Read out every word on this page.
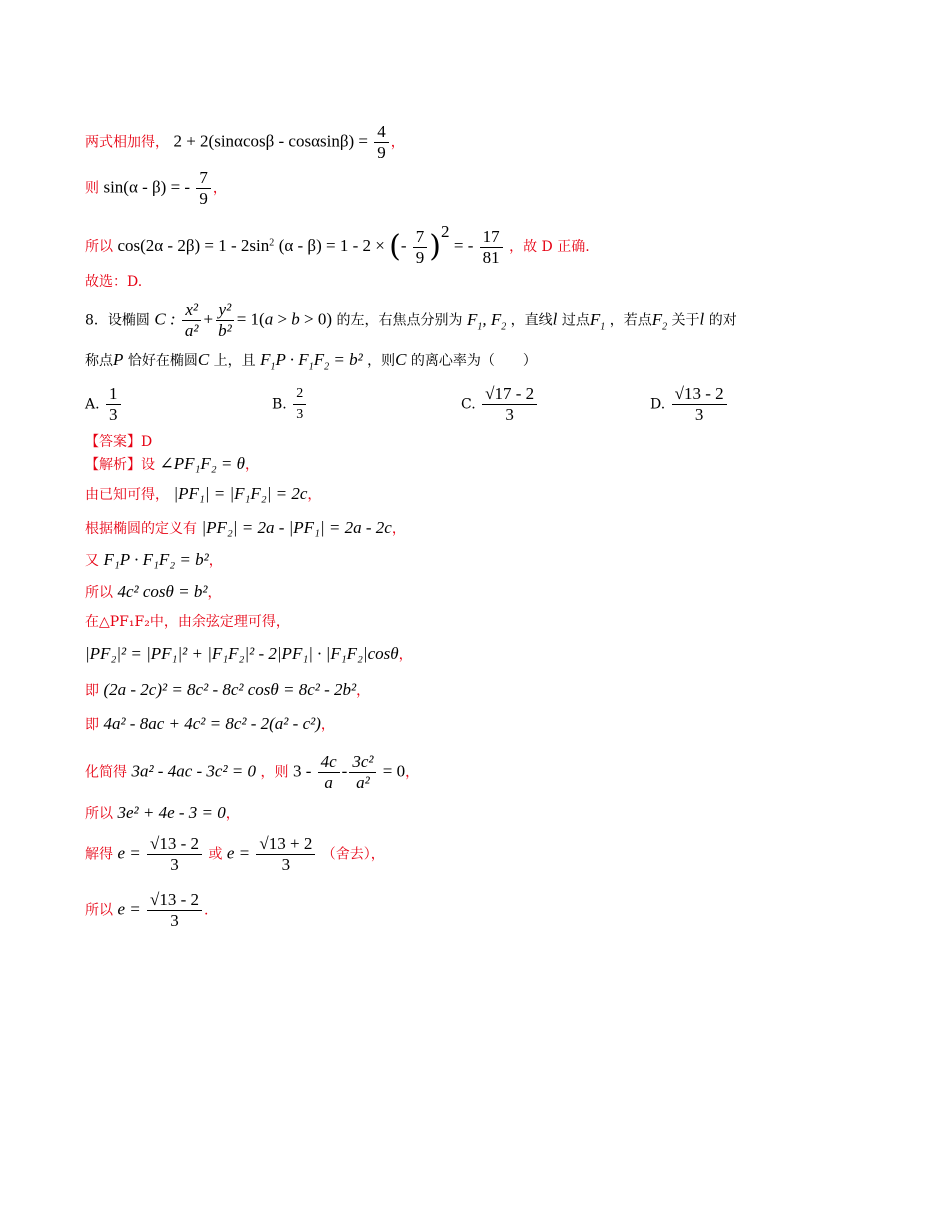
两式相加得， $2 + 2(\sin\alpha\cos\beta - \cos\alpha\sin\beta) = \frac{4}{9}$ ，
则 sin(α - β) = - $\frac{7}{9}$ ，
所以 $\cos(2\alpha - 2\beta) = 1 - 2\sin^2$ (α - β) = 1 - 2 × (- $\frac{7}{9} )^2$ = - $\frac{17}{81}$ ，故 D 正确.
故选：D.
8．设椭圆 C : $\frac{\text{x²}}{\text{a²}} + \frac{\text{y²}}{\text{b²}} = 1(a > b > 0)$ 的左，右焦点分别为 $F_1$, $F_2$ ，直线l 过点$F_1$ ，若点$F_2$ 关于l 的对
称点P 恰好在椭圆C 上，且 $F_1P \cdot F_1F_2 = b^2$ ，则C 的离心率为（　　）
A. $\frac{1}{3}$	B. $\frac{2}{3}$	C. $\frac{√17 - 2}{3}$	D. $\frac{√13 - 2}{3}$
【答案】D
【解析】设 ∠PF₁F₂ = θ，
由已知可得， |PF₁| = |F₁F₂| = 2c，
根据椭圆的定义有 |PF₂| = 2a - |PF₁| = 2a - 2c，
又 F₁P · F₁F₂ = b²，
所以 4c² cosθ = b²，
在△PF₁F₂中，由余弦定理可得，
|PF₂|² = |PF₁|² + |F₁F₂|² - 2|PF₁| · |F₁F₂|cosθ，
即 (2a - 2c)² = 8c² - 8c² cosθ = 8c² - 2b²，
即 4a² - 8ac + 4c² = 8c² - 2(a² - c²)，
化简得 3a² - 4ac - 3c² = 0 ，则 $3 - \frac{4c}{a} - \frac{\text{3c²}}{\text{a²}} = 0$，
所以 3e² + 4e - 3 = 0，
解得 $e = \frac{√13 - 2}{3}$ 或 $e = \frac{√13 + 2}{3}$ （舍去），
所以 $e = \frac{√13 - 2}{3}$ .
